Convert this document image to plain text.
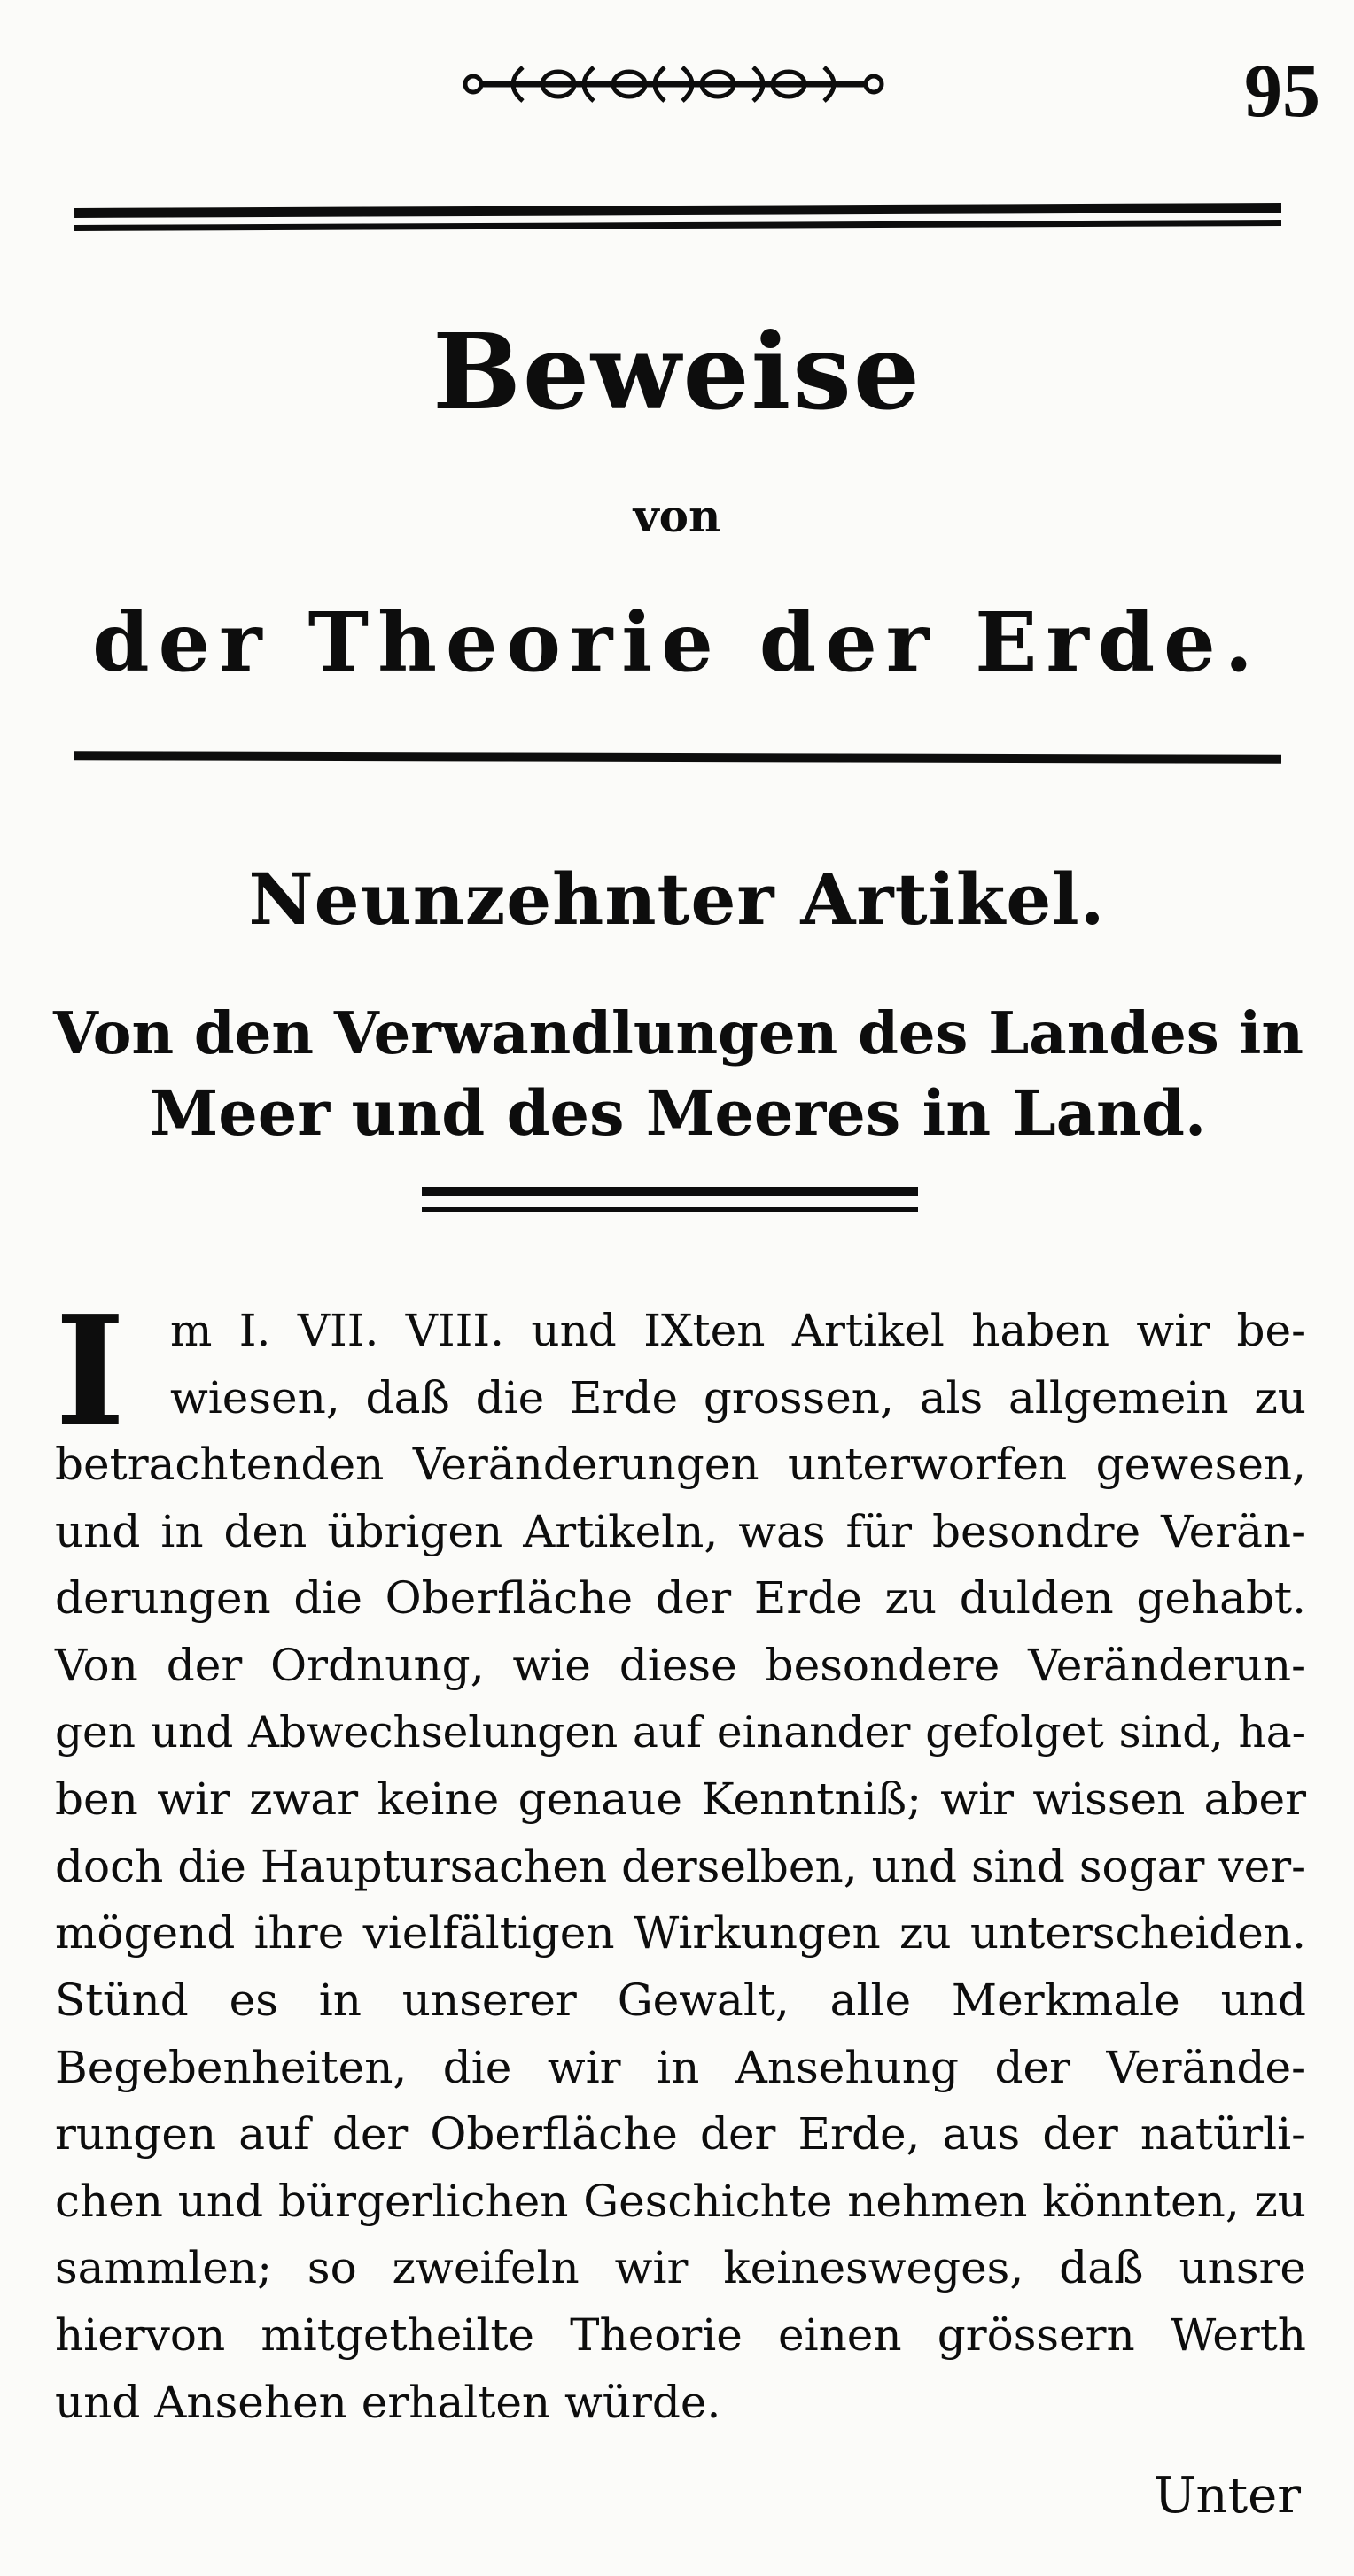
95
Beweise
von
der Theorie der Erde.
Neunzehnter Artikel.
Von den Verwandlungen des Landes in
Meer und des Meeres in Land.
I m I. VII. VIII. und IXten Artikel haben wir be-
wiesen, daß die Erde grossen, als allgemein zu
betrachtenden Veränderungen unterworfen gewesen,
und in den übrigen Artikeln, was für besondre Verän-
derungen die Oberfläche der Erde zu dulden gehabt.
Von der Ordnung, wie diese besondere Veränderun-
gen und Abwechselungen auf einander gefolget sind, ha-
ben wir zwar keine genaue Kenntniß; wir wissen aber
doch die Hauptursachen derselben, und sind sogar ver-
mögend ihre vielfältigen Wirkungen zu unterscheiden.
Stünd es in unserer Gewalt, alle Merkmale und
Begebenheiten, die wir in Ansehung der Verände-
rungen auf der Oberfläche der Erde, aus der natürli-
chen und bürgerlichen Geschichte nehmen könnten, zu
sammlen; so zweifeln wir keinesweges, daß unsre
hiervon mitgetheilte Theorie einen grössern Werth
und Ansehen erhalten würde.
Unter
